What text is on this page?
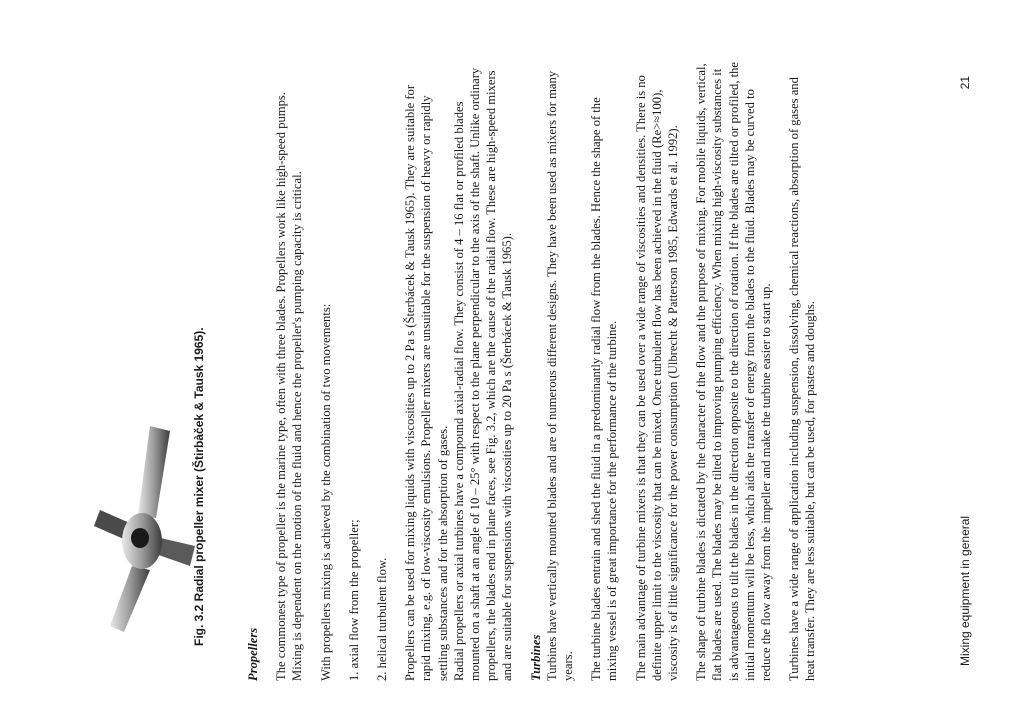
Fig. 3.2 Radial propeller mixer (Štirbàček & Tausk 1965).

Propellers The commonest type of propeller is the marine type, often with three blades. Propellers work like high-speed pumps. Mixing is dependent on the motion of the fluid and hence the propeller's pumping capacity is critical. With propellers mixing is achieved by the combination of two movements: 1. axial flow from the propeller; 2. helical turbulent flow. Propellers can be used for mixing liquids with viscosities up to 2 Pa s (Šterbácek & Tausk 1965). They are suitable for rapid mixing, e.g. of low-viscosity emulsions. Propeller mixers are unsuitable for the suspension of heavy or rapidly settling substances and for the absorption of gases. Radial propellers or axial turbines have a compound axial-radial flow. They consist of 4 – 16 flat or profiled blades mounted on a shaft at an angle of 10 – 25° with respect to the plane perpendicular to the axis of the shaft. Unlike ordinary propellers, the blades end in plane faces, see Fig. 3.2, which are the cause of the radial flow. These are high-speed mixers and are suitable for suspensions with viscosities up to 20 Pa s (Šterbácek & Tausk 1965). Turbines Turbines have vertically mounted blades and are of numerous different designs. They have been used as mixers for many years. The turbine blades entrain and shed the fluid in a predominantly radial flow from the blades. Hence the shape of the mixing vessel is of great importance for the performance of the turbine. The main advantage of turbine mixers is that they can be used over a wide range of viscosities and densities. There is no definite upper limit to the viscosity that can be mixed. Once turbulent flow has been achieved in the fluid (Re>≈100), viscosity is of little significance for the power consumption (Ulbrecht & Patterson 1985, Edwards et al. 1992). The shape of turbine blades is dictated by the character of the flow and the purpose of mixing. For mobile liquids, vertical, flat blades are used. The blades may be tilted to improving pumping efficiency. When mixing high-viscosity substances it is advantageous to tilt the blades in the direction opposite to the direction of rotation. If the blades are tilted or profiled, the initial momentum will be less, which aids the transfer of energy from the blades to the fluid. Blades may be curved to reduce the flow away from the impeller and make the turbine easier to start up. Turbines have a wide range of application including suspension, dissolving, chemical reactions, absorption of gases and heat transfer. They are less suitable, but can be used, for pastes and doughs.	Mixing equipment in general
21
